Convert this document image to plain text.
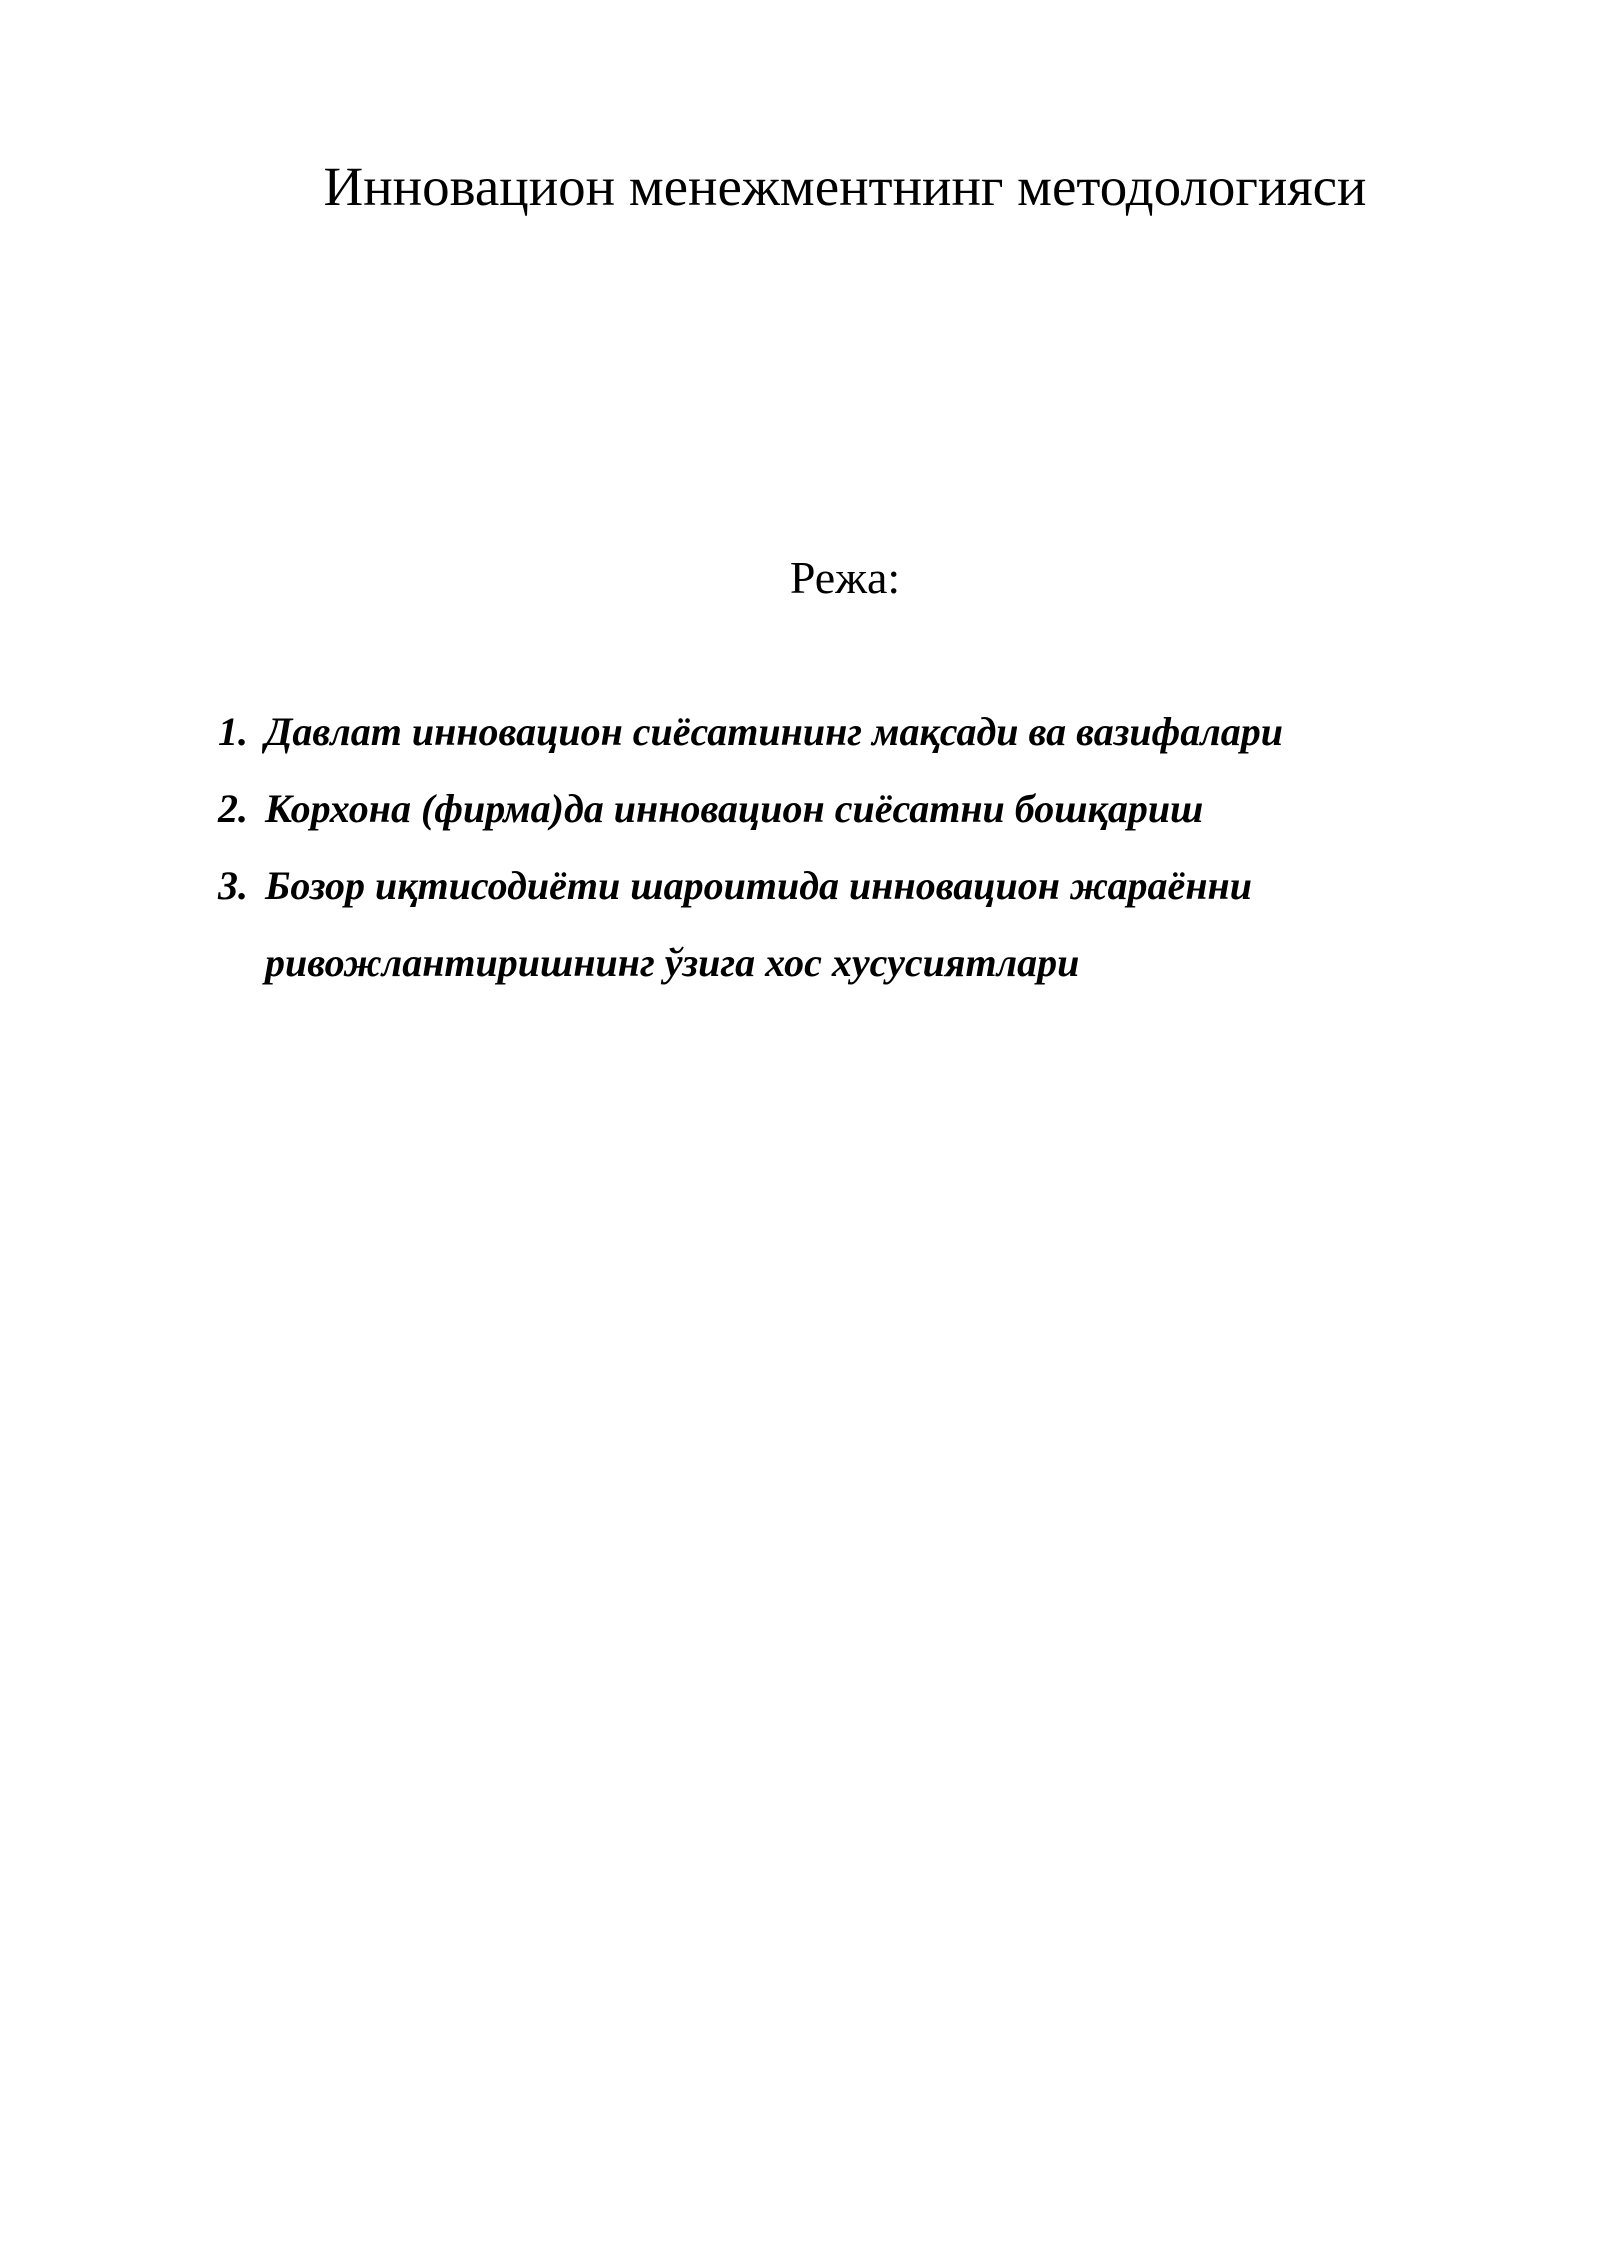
Инновацион менежментнинг методологияси

Режа:

1. Давлат инновацион сиёсатининг мақсади ва вазифалари
2. Корхона (фирма)да инновацион сиёсатни бошқариш
3. Бозор иқтисодиёти шароитида инновацион жараённи
ривожлантиришнинг ўзига хос хусусиятлари
